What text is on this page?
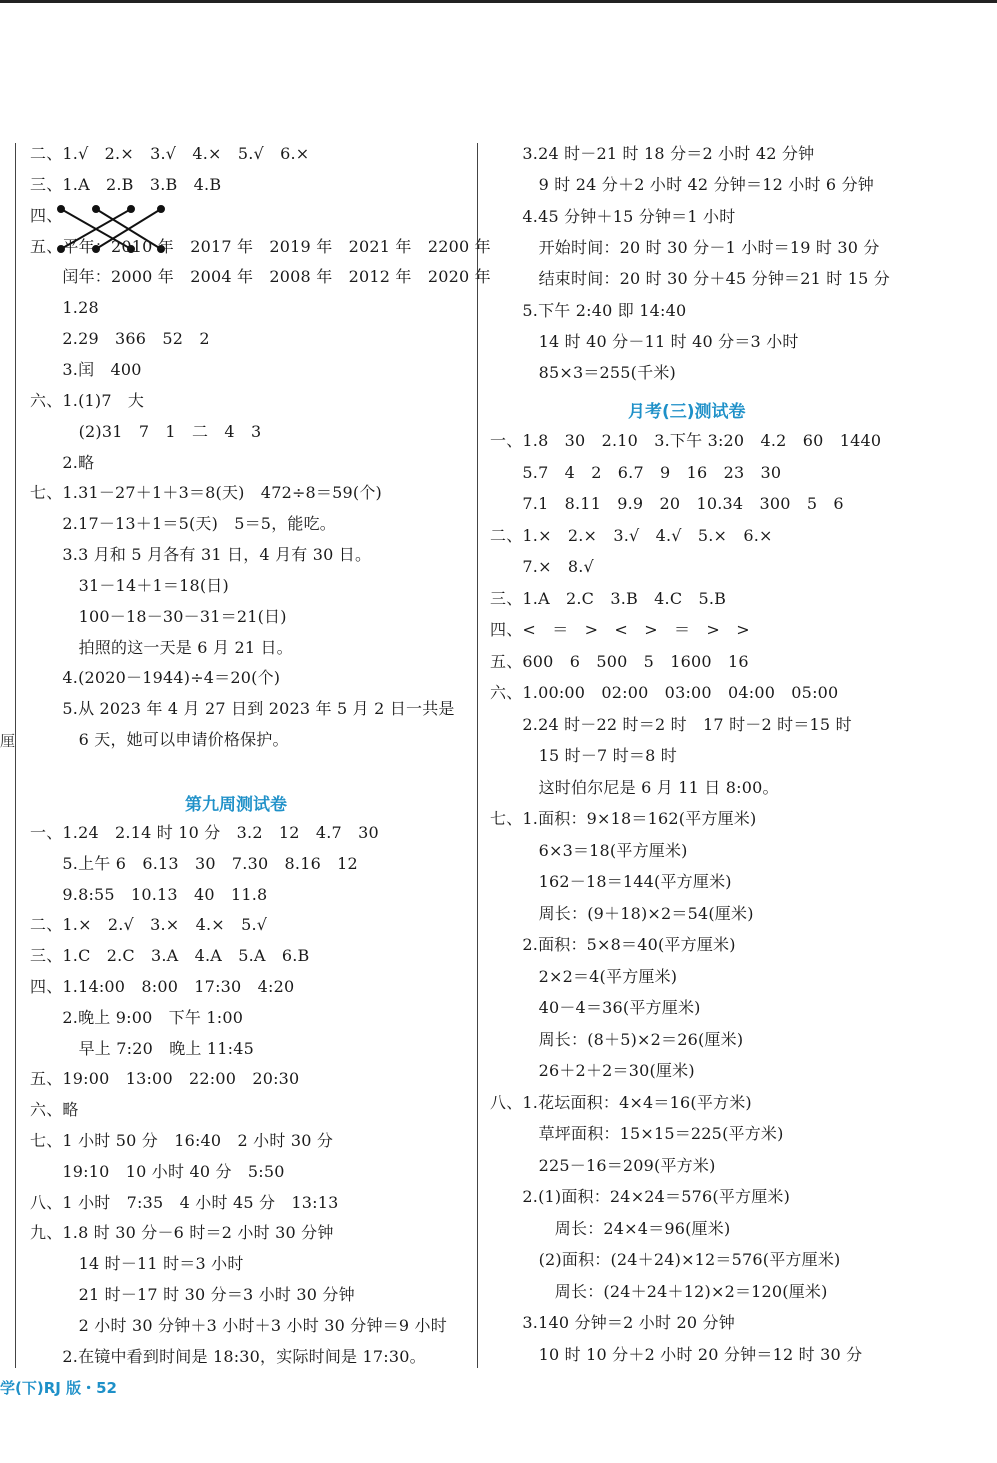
厘
第九周测试卷
月考(三)测试卷
学(下)RJ 版・52
二、1.√　2.×　3.√　4.×　5.√　6.×
三、1.A　2.B　3.B　4.B
四、
五、平年：2010 年　2017 年　2019 年　2021 年　2200 年
　　闰年：2000 年　2004 年　2008 年　2012 年　2020 年
　　1.28
　　2.29　366　52　2
　　3.闰　400
六、1.(1)7　大
　　　(2)31　7　1　二　4　3
　　2.略
七、1.31－27＋1＋3＝8(天)　472÷8＝59(个)
　　2.17－13＋1＝5(天)　5＝5，能吃。
　　3.3 月和 5 月各有 31 日，4 月有 30 日。
　　　31－14＋1＝18(日)
　　　100－18－30－31＝21(日)
　　　拍照的这一天是 6 月 21 日。
　　4.(2020－1944)÷4＝20(个)
　　5.从 2023 年 4 月 27 日到 2023 年 5 月 2 日一共是
　　　6 天，她可以申请价格保护。
一、1.24　2.14 时 10 分　3.2　12　4.7　30
　　5.上午 6　6.13　30　7.30　8.16　12
　　9.8:55　10.13　40　11.8
二、1.×　2.√　3.×　4.×　5.√
三、1.C　2.C　3.A　4.A　5.A　6.B
四、1.14:00　8:00　17:30　4:20
　　2.晚上 9:00　下午 1:00
　　　早上 7:20　晚上 11:45
五、19:00　13:00　22:00　20:30
六、略
七、1 小时 50 分　16:40　2 小时 30 分
　　19:10　10 小时 40 分　5:50
八、1 小时　7:35　4 小时 45 分　13:13
九、1.8 时 30 分－6 时＝2 小时 30 分钟
　　　14 时－11 时＝3 小时
　　　21 时－17 时 30 分＝3 小时 30 分钟
　　　2 小时 30 分钟＋3 小时＋3 小时 30 分钟＝9 小时
　　2.在镜中看到时间是 18:30，实际时间是 17:30。
　　3.24 时－21 时 18 分＝2 小时 42 分钟
　　　9 时 24 分＋2 小时 42 分钟＝12 小时 6 分钟
　　4.45 分钟＋15 分钟＝1 小时
　　　开始时间：20 时 30 分－1 小时＝19 时 30 分
　　　结束时间：20 时 30 分＋45 分钟＝21 时 15 分
　　5.下午 2:40 即 14:40
　　　14 时 40 分－11 时 40 分＝3 小时
　　　85×3＝255(千米)
一、1.8　30　2.10　3.下午 3:20　4.2　60　1440
　　5.7　4　2　6.7　9　16　23　30
　　7.1　8.11　9.9　20　10.34　300　5　6
二、1.×　2.×　3.√　4.√　5.×　6.×
　　7.×　8.√
三、1.A　2.C　3.B　4.C　5.B
四、<　＝　>　<　>　＝　>　>
五、600　6　500　5　1600　16
六、1.00:00　02:00　03:00　04:00　05:00
　　2.24 时－22 时＝2 时　17 时－2 时＝15 时
　　　15 时－7 时＝8 时
　　　这时伯尔尼是 6 月 11 日 8:00。
七、1.面积：9×18＝162(平方厘米)
　　　6×3＝18(平方厘米)
　　　162－18＝144(平方厘米)
　　　周长：(9＋18)×2＝54(厘米)
　　2.面积：5×8＝40(平方厘米)
　　　2×2＝4(平方厘米)
　　　40－4＝36(平方厘米)
　　　周长：(8＋5)×2＝26(厘米)
　　　26＋2＋2＝30(厘米)
八、1.花坛面积：4×4＝16(平方米)
　　　草坪面积：15×15＝225(平方米)
　　　225－16＝209(平方米)
　　2.(1)面积：24×24＝576(平方厘米)
　　　　周长：24×4＝96(厘米)
　　　(2)面积：(24＋24)×12＝576(平方厘米)
　　　　周长：(24＋24＋12)×2＝120(厘米)
　　3.140 分钟＝2 小时 20 分钟
　　　10 时 10 分＋2 小时 20 分钟＝12 时 30 分
